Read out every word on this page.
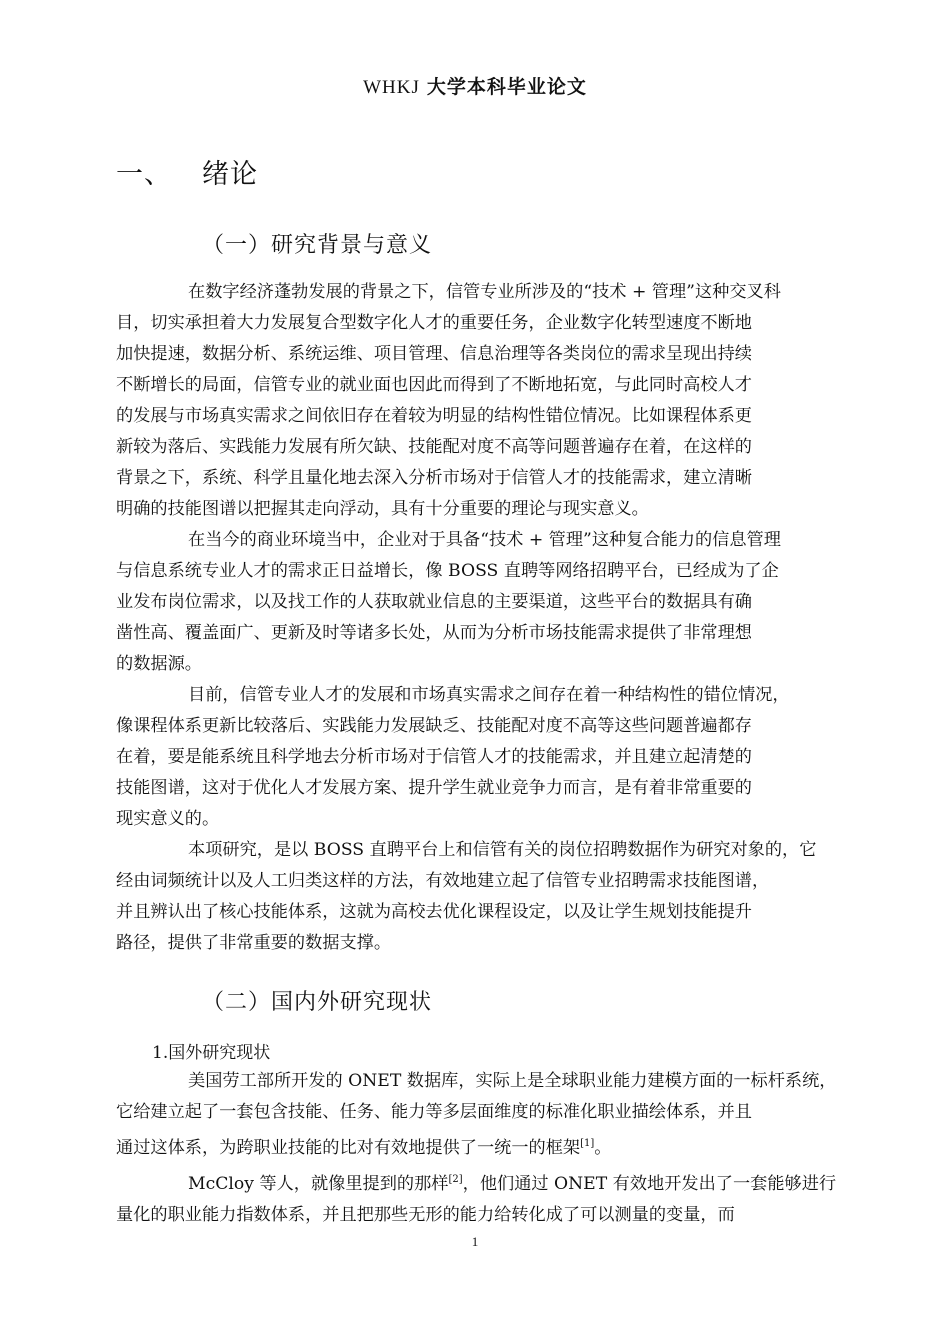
WHKJ 大学本科毕业论文
一、 绪论
（一）研究背景与意义
在数字经济蓬勃发展的背景之下，信管专业所涉及的“技术 + 管理”这种交叉科
目，切实承担着大力发展复合型数字化人才的重要任务，企业数字化转型速度不断地
加快提速，数据分析、系统运维、项目管理、信息治理等各类岗位的需求呈现出持续
不断增长的局面，信管专业的就业面也因此而得到了不断地拓宽，与此同时高校人才
的发展与市场真实需求之间依旧存在着较为明显的结构性错位情况。比如课程体系更
新较为落后、实践能力发展有所欠缺、技能配对度不高等问题普遍存在着，在这样的
背景之下，系统、科学且量化地去深入分析市场对于信管人才的技能需求，建立清晰
明确的技能图谱以把握其走向浮动，具有十分重要的理论与现实意义。
在当今的商业环境当中，企业对于具备“技术 + 管理”这种复合能力的信息管理
与信息系统专业人才的需求正日益增长，像 BOSS 直聘等网络招聘平台，已经成为了企
业发布岗位需求，以及找工作的人获取就业信息的主要渠道，这些平台的数据具有确
凿性高、覆盖面广、更新及时等诸多长处，从而为分析市场技能需求提供了非常理想
的数据源。
目前，信管专业人才的发展和市场真实需求之间存在着一种结构性的错位情况，
像课程体系更新比较落后、实践能力发展缺乏、技能配对度不高等这些问题普遍都存
在着，要是能系统且科学地去分析市场对于信管人才的技能需求，并且建立起清楚的
技能图谱，这对于优化人才发展方案、提升学生就业竞争力而言，是有着非常重要的
现实意义的。
本项研究，是以 BOSS 直聘平台上和信管有关的岗位招聘数据作为研究对象的，它
经由词频统计以及人工归类这样的方法，有效地建立起了信管专业招聘需求技能图谱，
并且辨认出了核心技能体系，这就为高校去优化课程设定，以及让学生规划技能提升
路径，提供了非常重要的数据支撑。
（二）国内外研究现状
1.国外研究现状
美国劳工部所开发的 ONET 数据库，实际上是全球职业能力建模方面的一标杆系统，
它给建立起了一套包含技能、任务、能力等多层面维度的标准化职业描绘体系，并且
通过这体系，为跨职业技能的比对有效地提供了一统一的框架[1]。
McCloy 等人，就像里提到的那样[2]，他们通过 ONET 有效地开发出了一套能够进行
量化的职业能力指数体系，并且把那些无形的能力给转化成了可以测量的变量，而
1
